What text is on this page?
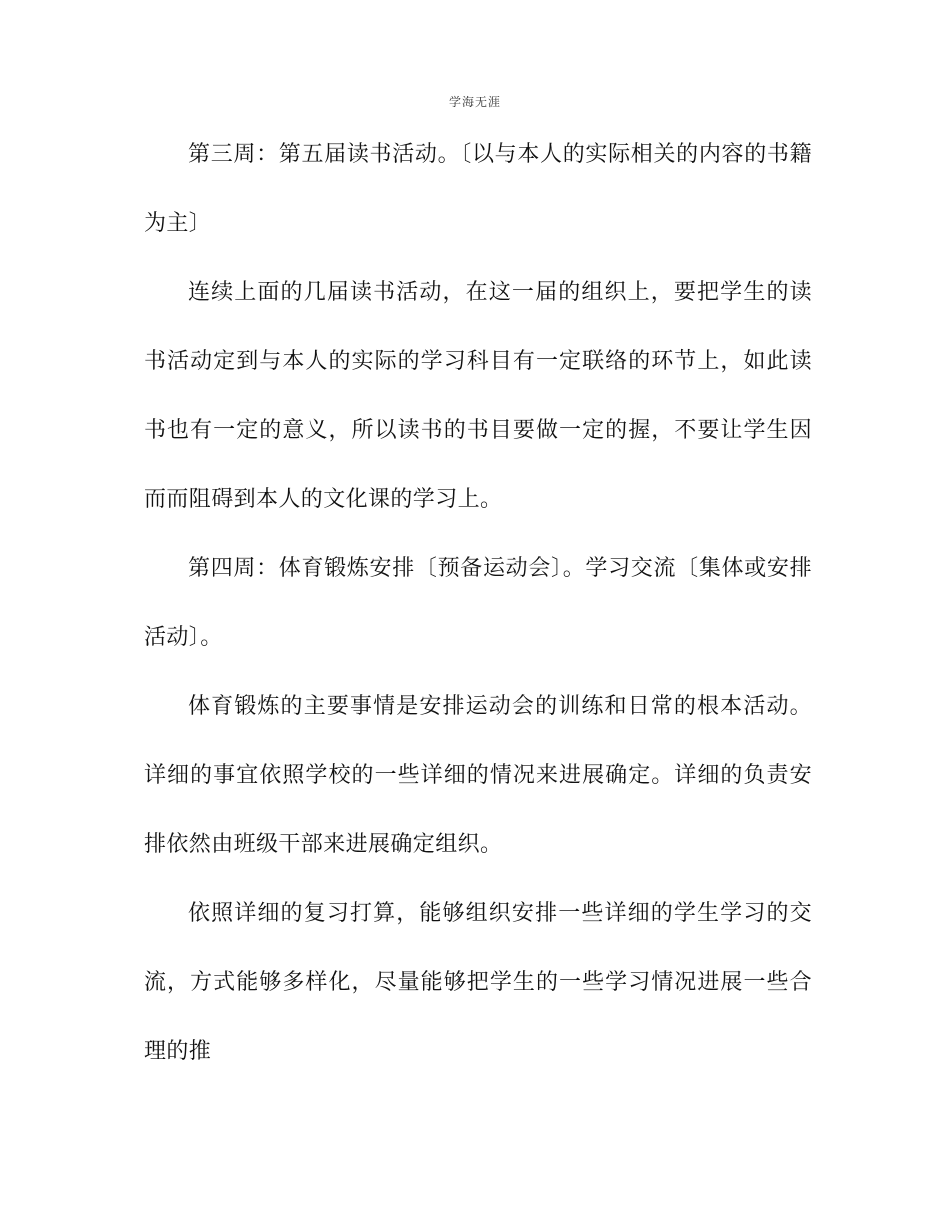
学海无涯

第三周：第五届读书活动。〔以与本人的实际相关的内容的书籍为主〕

连续上面的几届读书活动，在这一届的组织上，要把学生的读书活动定到与本人的实际的学习科目有一定联络的环节上，如此读书也有一定的意义，所以读书的书目要做一定的握，不要让学生因而而阻碍到本人的文化课的学习上。

第四周：体育锻炼安排〔预备运动会〕。学习交流〔集体或安排活动〕。

体育锻炼的主要事情是安排运动会的训练和日常的根本活动。详细的事宜依照学校的一些详细的情况来进展确定。详细的负责安排依然由班级干部来进展确定组织。

依照详细的复习打算，能够组织安排一些详细的学生学习的交流，方式能够多样化，尽量能够把学生的一些学习情况进展一些合理的推
